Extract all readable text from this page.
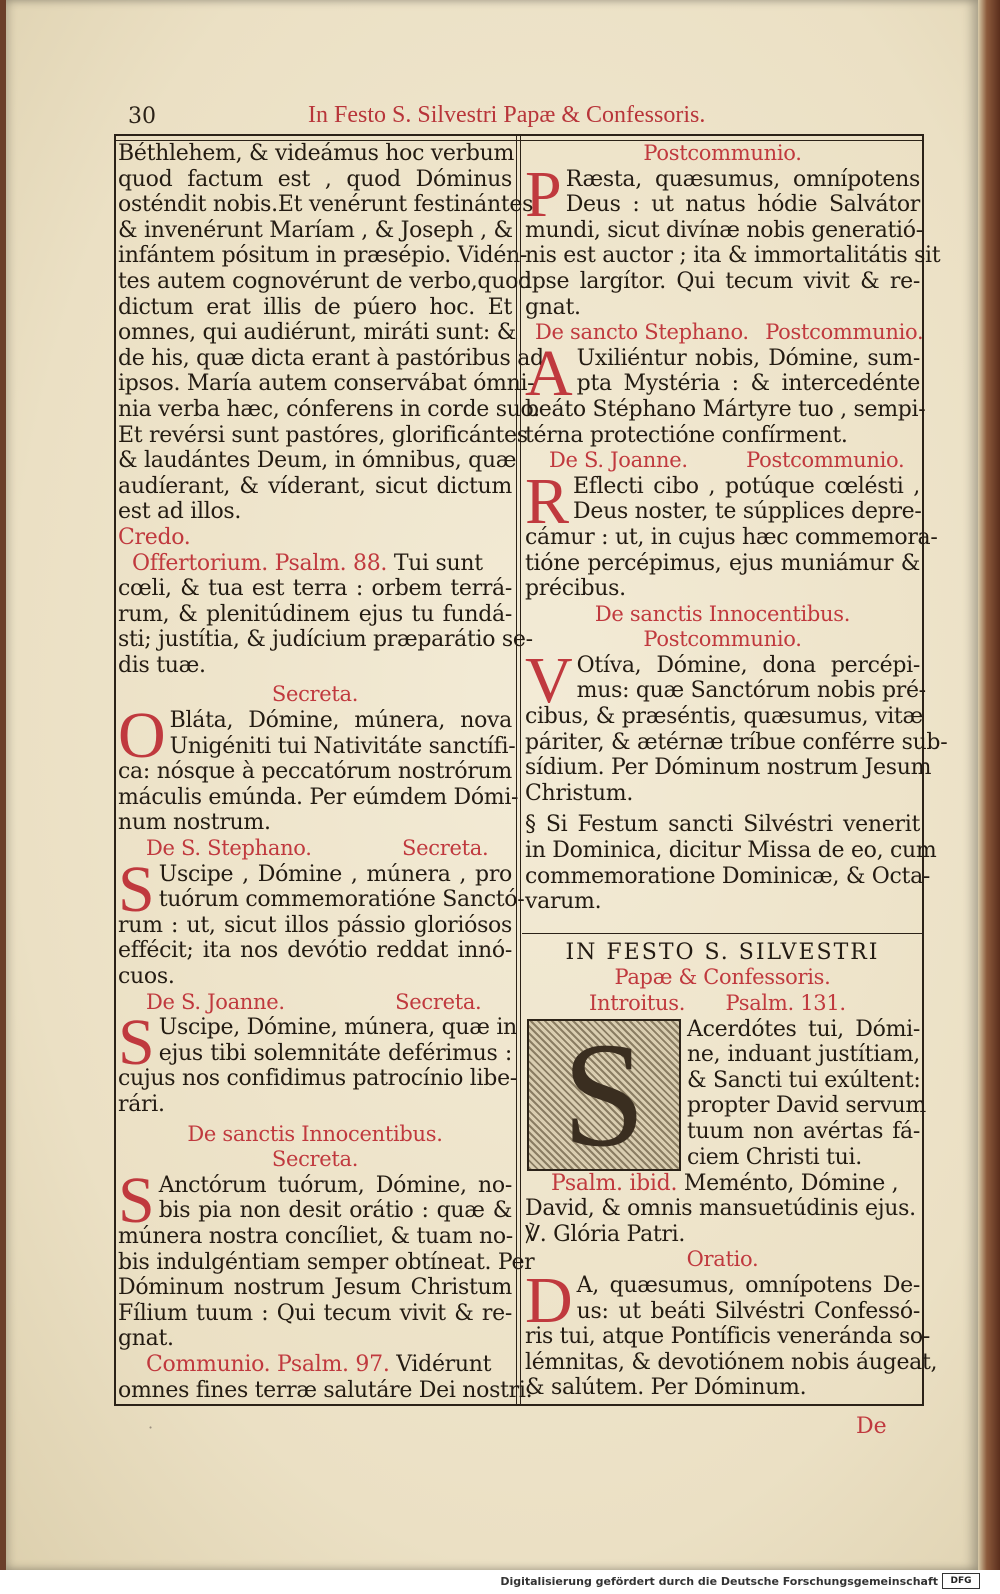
30	In Festo S. Silvestri Papæ & Confessoris.
Béthlehem, & videámus hoc verbum
quod factum est , quod Dóminus
osténdit nobis.Et venérunt festinántes:
& invenérunt Maríam , & Joseph , &
infántem pósitum in præsépio. Vidén-
tes autem cognovérunt de verbo,quod
dictum erat illis de púero hoc. Et
omnes, qui audiérunt, miráti sunt: &
de his, quæ dicta erant à pastóribus ad
ipsos. María autem conservábat ómni-
nia verba hæc, cónferens in corde suo.
Et revérsi sunt pastóres, glorificántes
& laudántes Deum, in ómnibus, quæ
audíerant, & víderant, sicut dictum
est ad illos.
Credo.
Offertorium. Psalm. 88. Tui sunt
cœli, & tua est terra : orbem terrá-
rum, & plenitúdinem ejus tu fundá-
sti; justítia, & judícium præparátio se-
dis tuæ.
Secreta.
O Bláta, Dómine, múnera, nova
Unigéniti tui Nativitáte sanctífi-
ca: nósque à peccatórum nostrórum
máculis emúnda. Per eúmdem Dómi-
num nostrum.
De S. Stephano.	Secreta.
S Uscipe , Dómine , múnera , pro
tuórum commemoratióne Sanctó-
rum : ut, sicut illos pássio gloriósos
effécit; ita nos devótio reddat innó-
cuos.
De S. Joanne.	Secreta.
S Uscipe, Dómine, múnera, quæ in
ejus tibi solemnitáte deférimus :
cujus nos confidimus patrocínio libe-
rári.
De sanctis Innocentibus.
Secreta.
S Anctórum tuórum, Dómine, no-
bis pia non desit orátio : quæ &
múnera nostra concíliet, & tuam no-
bis indulgéntiam semper obtíneat. Per
Dóminum nostrum Jesum Christum
Fílium tuum : Qui tecum vivit & re-
gnat.
Communio. Psalm. 97. Vidérunt
omnes fines terræ salutáre Dei nostri.
Postcommunio.
P Ræsta, quæsumus, omnípotens
Deus : ut natus hódie Salvátor
mundi, sicut divínæ nobis generatió-
nis est auctor ; ita & immortalitátis sit
ipse largítor. Qui tecum vivit & re-
gnat.
De sancto Stephano. Postcommunio.
A Uxiliéntur nobis, Dómine, sum-
pta Mystéria : & intercedénte
beáto Stéphano Mártyre tuo , sempi-
térna protectióne confírment.
De S. Joanne.	Postcommunio.
R Eflecti cibo , potúque cœlésti ,
Deus noster, te súpplices depre-
cámur : ut, in cujus hæc commemora-
tióne percépimus, ejus muniámur &
précibus.
De sanctis Innocentibus.
Postcommunio.
V Otíva, Dómine, dona percépi-
mus: quæ Sanctórum nobis pré-
cibus, & præséntis, quæsumus, vitæ
páriter, & ætérnæ tríbue conférre sub-
sídium. Per Dóminum nostrum Jesum
Christum.
§ Si Festum sancti Silvéstri venerit
in Dominica, dicitur Missa de eo, cum
commemoratione Dominicæ, & Octa-
varum.
IN FESTO S. SILVESTRI
Papæ & Confessoris.
Introitus. Psalm. 131.
S	Acerdótes tui, Dómi-
ne, induant justítiam,
& Sancti tui exúltent:
propter David servum
tuum non avértas fá-
ciem Christi tui.
Psalm. ibid. Meménto, Dómine ,
David, & omnis mansuetúdinis ejus.
℣. Glória Patri.
Oratio.
D A, quæsumus, omnípotens De-
us: ut beáti Silvéstri Confessó-
ris tui, atque Pontíficis veneránda so-
lémnitas, & devotiónem nobis áugeat,
& salútem. Per Dóminum.
·	De
Digitalisierung gefördert durch die Deutsche Forschungsgemeinschaft	DFG
